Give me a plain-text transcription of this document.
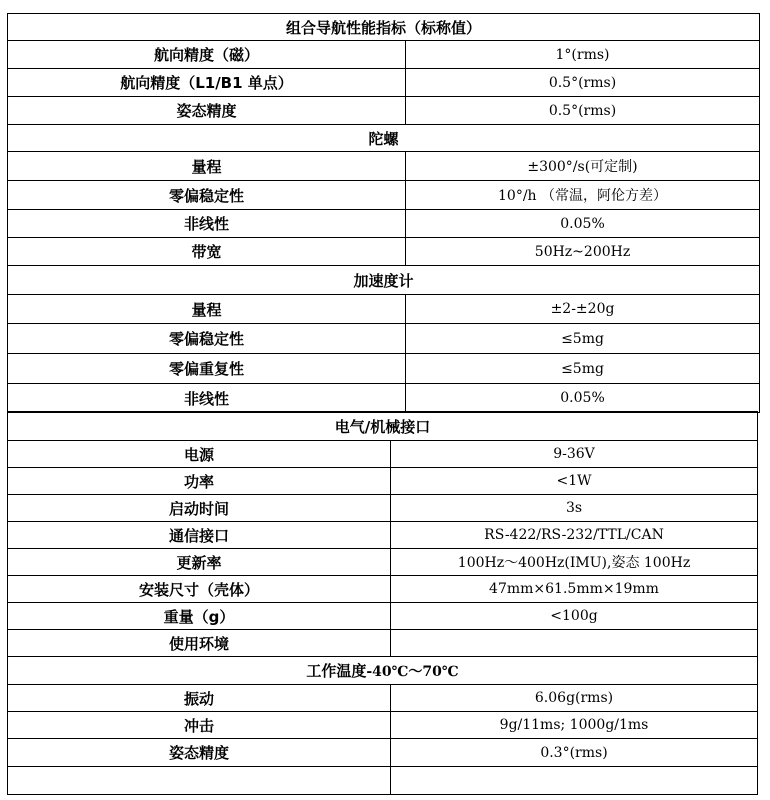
组合导航性能指标（标称值）	
航向精度（磁）	1°(rms)
航向精度（L1/B1 单点）	0.5°(rms)
姿态精度	0.5°(rms)
陀螺	
量程	±300°/s(可定制)
零偏稳定性	10°/h （常温，阿伦方差）
非线性	0.05%
带宽	50Hz~200Hz
加速度计	
量程	±2-±20g
零偏稳定性	≤5mg
零偏重复性	≤5mg
非线性	0.05%
电气/机械接口	
电源	9-36V
功率	<1W
启动时间	3s
通信接口	RS-422/RS-232/TTL/CAN
更新率	100Hz～400Hz(IMU),姿态 100Hz
安装尺寸（壳体）	47mm×61.5mm×19mm
重量（g）	<100g
使用环境	
工作温度-40℃～70℃	
振动	6.06g(rms)
冲击	9g/11ms; 1000g/1ms
姿态精度	0.3°(rms)
